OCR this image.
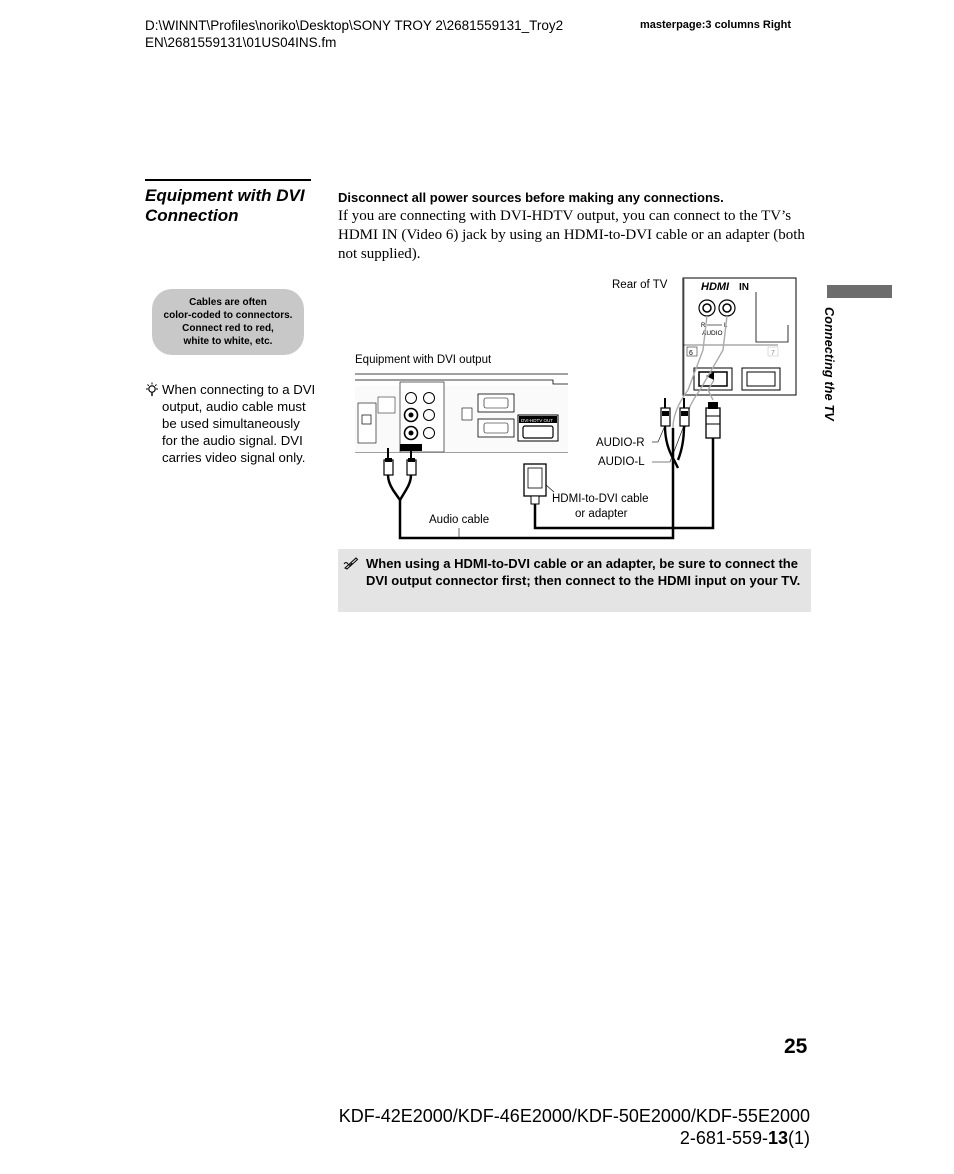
D:\WINNT\Profiles\noriko\Desktop\SONY TROY 2\2681559131_Troy2
EN\2681559131\01US04INS.fm
masterpage:3 columns Right
Equipment with DVI
Connection
Connecting the TV
Disconnect all power sources before making any connections.
If you are connecting with DVI-HDTV output, you can connect to the TV’s HDMI IN (Video 6) jack by using an HDMI-to-DVI cable or an adapter (both not supplied).
Cables are often
color-coded to connectors.
Connect red to red,
white to white, etc.
When connecting to a DVI output, audio cable must be used simultaneously for the audio signal. DVI carries video signal only.
HDMI IN
R	L
AUDIO
6	7
Rear of TV
Equipment with DVI output
DVI-HDTV OUT
AUDIO-R
AUDIO-L
HDMI-to-DVI cable
or adapter
Audio cable
When using a HDMI-to-DVI cable or an adapter, be sure to connect the DVI output connector first; then connect to the HDMI input on your TV.
25
KDF-42E2000/KDF-46E2000/KDF-50E2000/KDF-55E2000
2-681-559-13(1)
